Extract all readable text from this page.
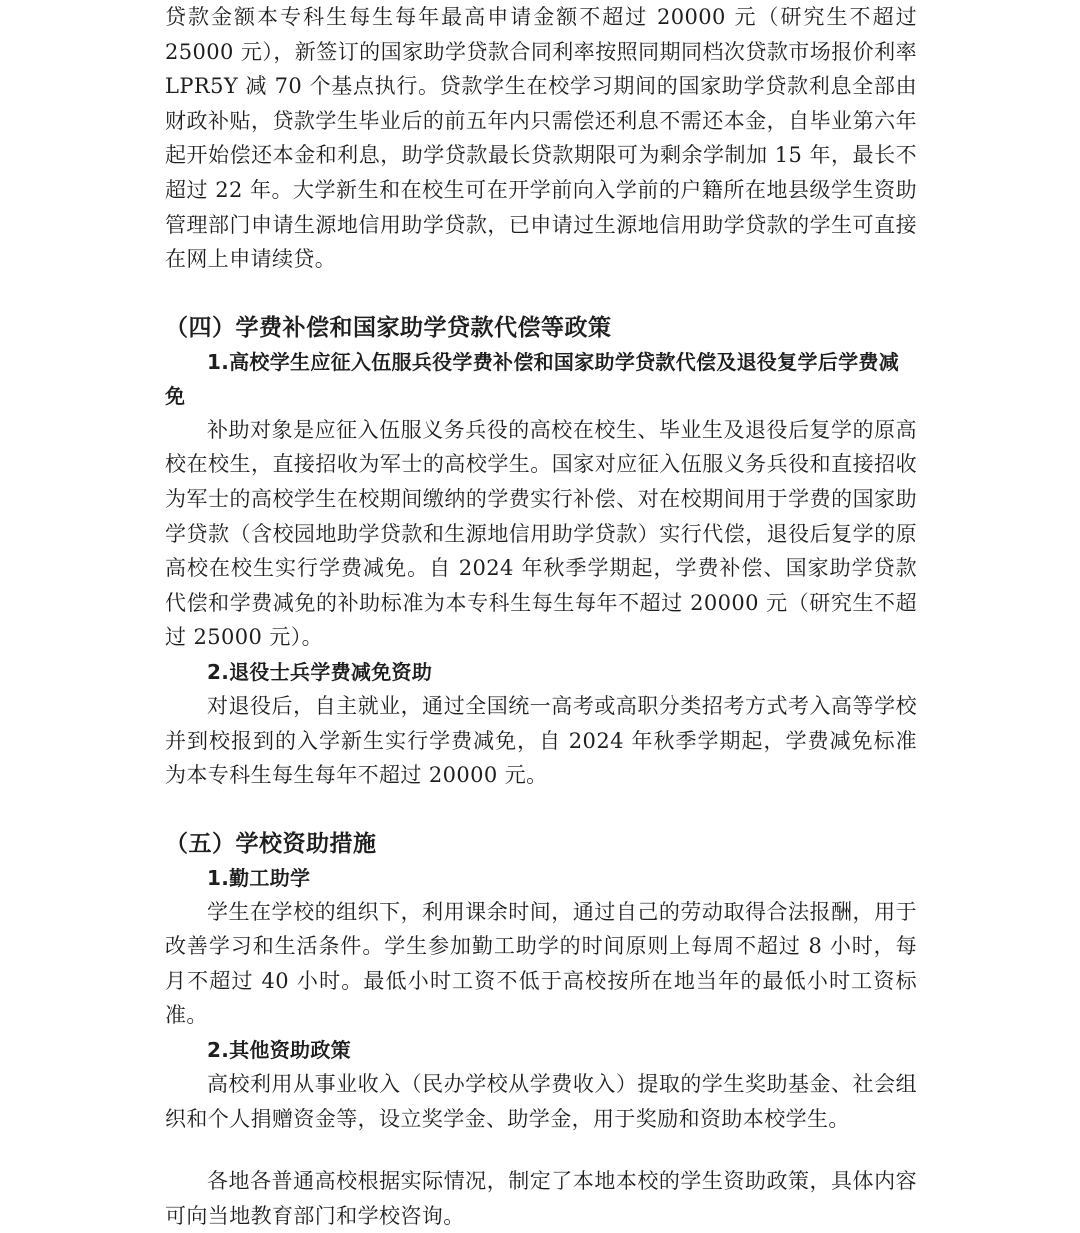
贷款金额本专科生每生每年最高申请金额不超过 20000 元（研究生不超过 25000 元），新签订的国家助学贷款合同利率按照同期同档次贷款市场报价利率 LPR5Y 减 70 个基点执行。贷款学生在校学习期间的国家助学贷款利息全部由财政补贴，贷款学生毕业后的前五年内只需偿还利息不需还本金，自毕业第六年起开始偿还本金和利息，助学贷款最长贷款期限可为剩余学制加 15 年，最长不超过 22 年。大学新生和在校生可在开学前向入学前的户籍所在地县级学生资助管理部门申请生源地信用助学贷款，已申请过生源地信用助学贷款的学生可直接在网上申请续贷。

（四）学费补偿和国家助学贷款代偿等政策
1.高校学生应征入伍服兵役学费补偿和国家助学贷款代偿及退役复学后学费减免

补助对象是应征入伍服义务兵役的高校在校生、毕业生及退役后复学的原高校在校生，直接招收为军士的高校学生。国家对应征入伍服义务兵役和直接招收为军士的高校学生在校期间缴纳的学费实行补偿、对在校期间用于学费的国家助学贷款（含校园地助学贷款和生源地信用助学贷款）实行代偿，退役后复学的原高校在校生实行学费减免。自 2024 年秋季学期起，学费补偿、国家助学贷款代偿和学费减免的补助标准为本专科生每生每年不超过 20000 元（研究生不超过 25000 元）。

2.退役士兵学费减免资助

对退役后，自主就业，通过全国统一高考或高职分类招考方式考入高等学校并到校报到的入学新生实行学费减免，自 2024 年秋季学期起，学费减免标准为本专科生每生每年不超过 20000 元。

（五）学校资助措施
1.勤工助学

学生在学校的组织下，利用课余时间，通过自己的劳动取得合法报酬，用于改善学习和生活条件。学生参加勤工助学的时间原则上每周不超过 8 小时，每月不超过 40 小时。最低小时工资不低于高校按所在地当年的最低小时工资标准。

2.其他资助政策

高校利用从事业收入（民办学校从学费收入）提取的学生奖助基金、社会组织和个人捐赠资金等，设立奖学金、助学金，用于奖励和资助本校学生。

各地各普通高校根据实际情况，制定了本地本校的学生资助政策，具体内容可向当地教育部门和学校咨询。
